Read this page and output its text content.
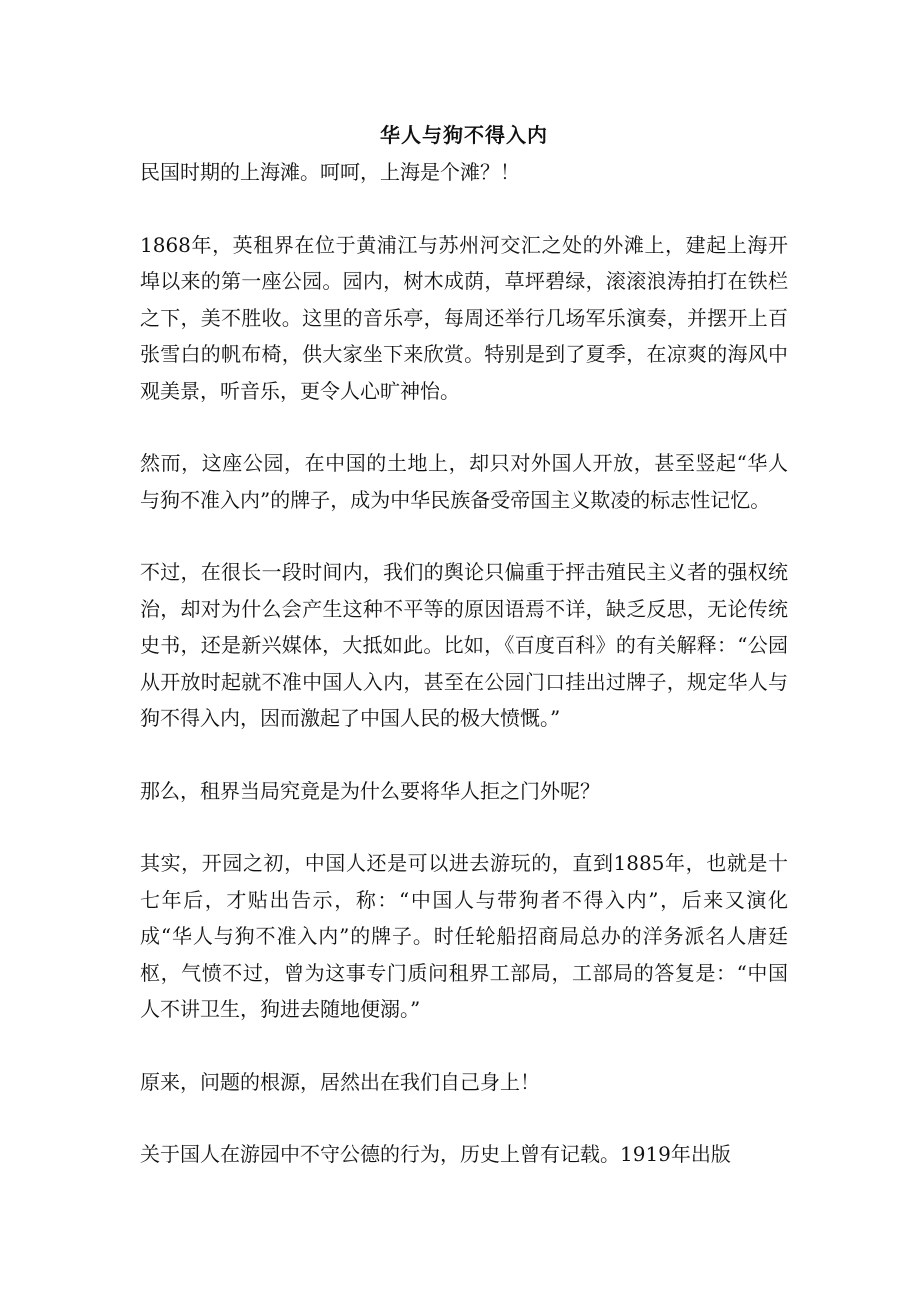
华人与狗不得入内

民国时期的上海滩。呵呵，上海是个滩？！

1868年，英租界在位于黄浦江与苏州河交汇之处的外滩上，建起上海开埠以来的第一座公园。园内，树木成荫，草坪碧绿，滚滚浪涛拍打在铁栏之下，美不胜收。这里的音乐亭，每周还举行几场军乐演奏，并摆开上百张雪白的帆布椅，供大家坐下来欣赏。特别是到了夏季，在凉爽的海风中观美景，听音乐，更令人心旷神怡。

然而，这座公园，在中国的土地上，却只对外国人开放，甚至竖起“华人与狗不准入内”的牌子，成为中华民族备受帝国主义欺凌的标志性记忆。

不过，在很长一段时间内，我们的舆论只偏重于抨击殖民主义者的强权统治，却对为什么会产生这种不平等的原因语焉不详，缺乏反思，无论传统史书，还是新兴媒体，大抵如此。比如，《百度百科》的有关解释：“公园从开放时起就不准中国人入内，甚至在公园门口挂出过牌子，规定华人与狗不得入内，因而激起了中国人民的极大愤慨。”

那么，租界当局究竟是为什么要将华人拒之门外呢？

其实，开园之初，中国人还是可以进去游玩的，直到1885年，也就是十七年后，才贴出告示，称：“中国人与带狗者不得入内”，后来又演化成“华人与狗不准入内”的牌子。时任轮船招商局总办的洋务派名人唐廷枢，气愤不过，曾为这事专门质问租界工部局，工部局的答复是：“中国人不讲卫生，狗进去随地便溺。”

原来，问题的根源，居然出在我们自己身上！

关于国人在游园中不守公德的行为，历史上曾有记载。1919年出版
